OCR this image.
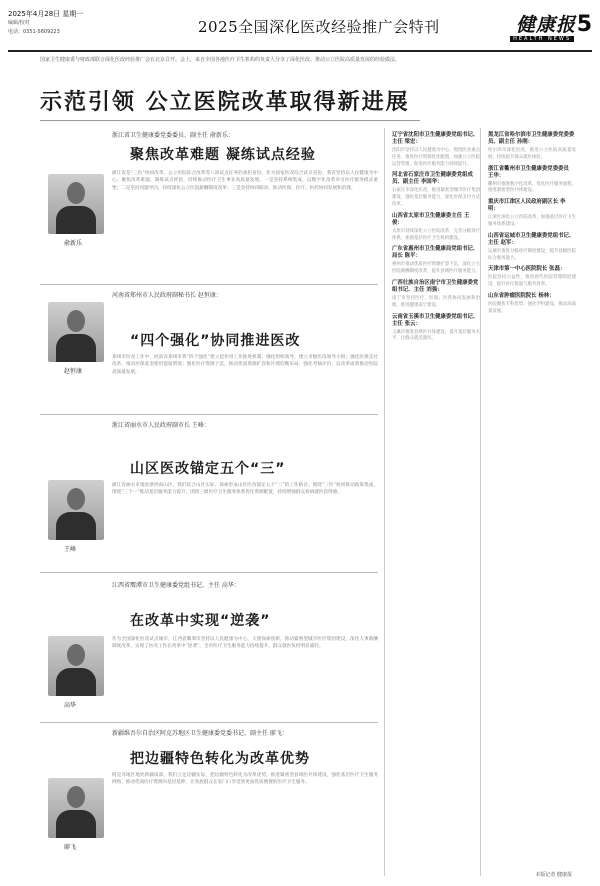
2025年4月28日 星期一
编辑/校对
电话：0351-5609223	2025全国深化医改经验推广会特刊	健康报
HEALTH NEWS
5
国家卫生健康委与财政部联合深化医改经验推广会在北京召开。会上，来自全国各地医疗卫生机构的负责人分享了深化医改、推动公立医院高质量发展的经验做法。
示范引领 公立医院改革取得新进展
浙江省卫生健康委党委委员、副主任 俞新乐：
聚焦改革难题 凝练试点经验
俞新乐
浙江省是“三医”协同改革、公立医院综合改革等八项试点任务的承担省份。作为国家医改综合试点省份，我省坚持以人民健康为中心，聚焦改革难题，凝练试点经验，持续推动医疗卫生事业高质量发展。一是坚持系统集成，以数字化改革牵引医疗服务模式重塑；二是坚持问题导向，持续深化公立医院薪酬制度改革；三是坚持协同联动，推动医保、医疗、医药协同发展和治理。
河南省郑州市人民政府副秘书长 赵恒康：
赵恒康
“四个强化”协同推进医改
郑州市医改工作中，河南省郑州市将“四个强化”建立起作用工作推进机制。强化组织领导，建立市级医改领导小组；强化医保支付改革，推动医保基金使用提质增效；强化医疗资源下沉，推动优质资源扩容和区域均衡布局；强化考核评价，以改革成效推动医院高质量发展。
浙江省丽水市人民政府副市长 王峰：
山区医改锚定五个“三”
王峰
浙江省丽水市地处浙西南山区，我们结合山区实际，探索形成山区医改锚定五个“三”的工作路径。围绕“三医”协同推动政策集成，围绕“三个一”推动基层服务能力提升，围绕三级医疗卫生服务体系优化资源配置，持续增强群众看病就医获得感。
江西省鹰潭市卫生健康委党组书记、主任 高华：
在改革中实现“逆袭”
高华
作为全国深化医改试点城市，江西省鹰潭市坚持以人民健康为中心，大胆探索创新，推动紧密型城市医疗集团建设，深化人事薪酬制度改革，实现了医改工作在改革中“逆袭”。全市医疗卫生服务能力持续提升，群众就医负担明显减轻。
新疆维吾尔自治区阿克苏地区卫生健康委党委书记、副主任 廖飞：
把边疆特色转化为改革优势
廖飞
阿克苏地区地处新疆南部，我们立足边疆实际，把边疆特色转化为改革优势，推进紧密型县域医共体建设，强化基层医疗卫生服务网络，推动优质医疗资源向基层延伸，让各族群众在家门口享受到更加优质便捷的医疗卫生服务。
辽宁省沈阳市卫生健康委党组书记、主任 梁宏：
沈阳市坚持以人民健康为中心，围绕医改重点任务，推进医疗资源优化配置，加强公立医院运营管理，促进医疗服务能力持续提升。
河北省石家庄市卫生健康委党组成员、副主任 李国华：
石家庄市深化医改，推进紧密型城市医疗集团建设，强化基层服务能力，深化医保支付方式改革。
山西省太原市卫生健康委主任 王俊：
太原市持续深化公立医院改革，完善分级诊疗体系，加强基层医疗卫生机构建设。
广东省惠州市卫生健康局党组书记、局长 陈平：
惠州市推动优质医疗资源扩容下沉，深化公立医院薪酬制度改革，提升县域医疗服务能力。
广西壮族自治区南宁市卫生健康委党组书记、主任 刘强：
南宁市坚持医疗、医保、医药协同发展和治理，推进健康南宁建设。
云南省玉溪市卫生健康委党组书记、主任 张云：
玉溪市推进县域医共体建设，提升基层服务水平，让群众就近就医。
黑龙江省哈尔滨市卫生健康委党委委员、副主任 孙刚：
哈尔滨市深化医改，推进公立医院高质量发展，持续提升群众就医体验。
浙江省衢州市卫生健康委党委委员 王华：
衢州市推进数字化改革，优化医疗服务流程，推进紧密型医共体建设。
重庆市江津区人民政府副区长 李明：
江津区深化公立医院改革，加强基层医疗卫生服务体系建设。
山西省运城市卫生健康委党组书记、主任 赵军：
运城市推进分级诊疗制度建设，提升县级医院综合服务能力。
天津市第一中心医院院长 张磊：
医院坚持公益性，推进现代医院管理制度建设，提升医疗质量与服务效率。
山东省肿瘤医院院长 杨林：
医院聚焦专科优势，强化学科建设，推动高质量发展。
本版记者 健康报
